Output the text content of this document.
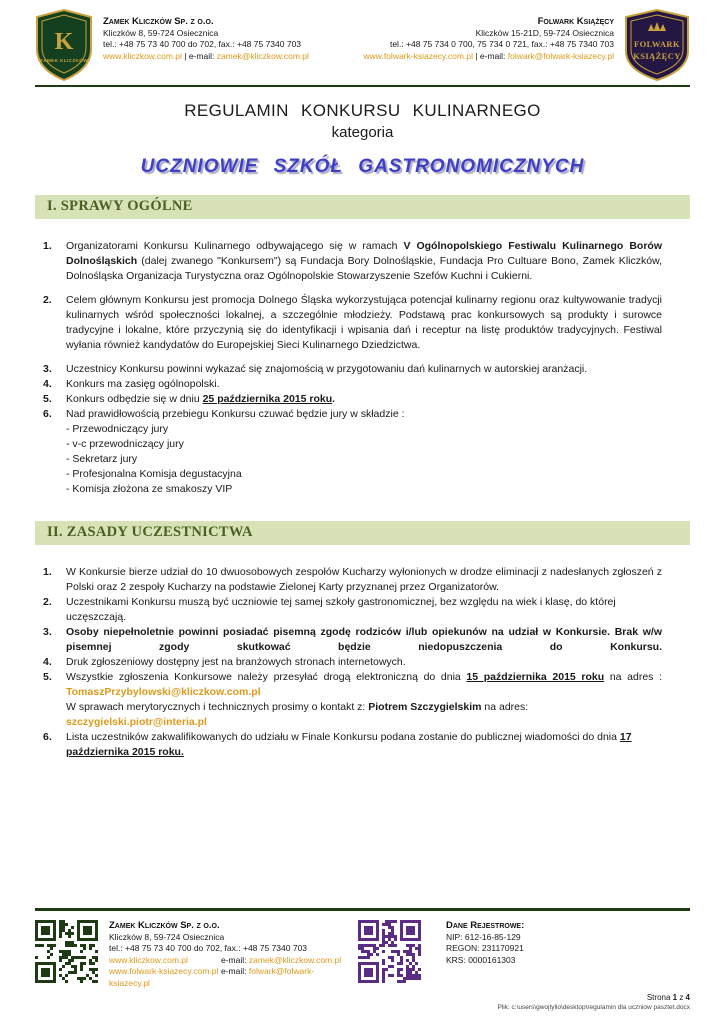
K
ZAMEK KLICZKÓW
Zamek Kliczków Sp. z o.o.
Kliczków 8, 59-724 Osiecznica
tel.: +48 75 73 40 700 do 702, fax.: +48 75 7340 703
www.kliczkow.com.pl | e-mail: zamek@kliczkow.com.pl
Folwark Książęcy
Kliczków 15-21D, 59-724 Osiecznica
tel.: +48 75 734 0 700, 75 734 0 721, fax.: +48 75 7340 703
www.folwark-ksiazecy.com.pl | e-mail: folwark@folwark-ksiazecy.pl
FOLWARK
KSIĄŻĘCY
REGULAMIN KONKURSU KULINARNEGO
kategoria
UCZNIOWIE SZKÓŁ GASTRONOMICZNYCH
I. SPRAWY OGÓLNE
1.	Organizatorami Konkursu Kulinarnego odbywającego się w ramach V Ogólnopolskiego Festiwalu Kulinarnego Borów Dolnośląskich (dalej zwanego "Konkursem") są Fundacja Bory Dolnośląskie, Fundacja Pro Cultuare Bono, Zamek Kliczków, Dolnośląska Organizacja Turystyczna oraz Ogólnopolskie Stowarzyszenie Szefów Kuchni i Cukierni.
2.	Celem głównym Konkursu jest promocja Dolnego Śląska wykorzystująca potencjał kulinarny regionu oraz kultywowanie tradycji kulinarnych wśród społeczności lokalnej, a szczególnie młodzieży. Podstawą prac konkursowych są produkty i surowce tradycyjne i lokalne, które przyczynią się do identyfikacji i wpisania dań i receptur na listę produktów tradycyjnych. Festiwal wyłania również kandydatów do Europejskiej Sieci Kulinarnego Dziedzictwa.
3.	Uczestnicy Konkursu powinni wykazać się znajomością w przygotowaniu dań kulinarnych w autorskiej aranżacji.
4.	Konkurs ma zasięg ogólnopolski.
5.	Konkurs odbędzie się w dniu 25 października 2015 roku.
6.	Nad prawidłowością przebiegu Konkursu czuwać będzie jury w składzie :
- Przewodniczący jury
- v-c przewodniczący jury
- Sekretarz jury
- Profesjonalna Komisja degustacyjna
- Komisja złożona ze smakoszy VIP
II. ZASADY UCZESTNICTWA
1.	W Konkursie bierze udział do 10 dwuosobowych zespołów Kucharzy wyłonionych w drodze eliminacji z nadesłanych zgłoszeń z Polski oraz 2 zespoły Kucharzy na podstawie Zielonej Karty przyznanej przez Organizatorów.
2.	Uczestnikami Konkursu muszą być uczniowie tej samej szkoły gastronomicznej, bez względu na wiek i klasę, do której uczęszczają.
3.	Osoby niepełnoletnie powinni posiadać pisemną zgodę rodziców i/lub opiekunów na udział w Konkursie. Brak w/w pisemnej zgody skutkować będzie niedopuszczenia do Konkursu.
4.	Druk zgłoszeniowy dostępny jest na branżowych stronach internetowych.
5.	Wszystkie zgłoszenia Konkursowe należy przesyłać drogą elektroniczną do dnia 15 października 2015 roku na adres :
TomaszPrzybylowski@kliczkow.com.pl
W sprawach merytorycznych i technicznych prosimy o kontakt z: Piotrem Szczygielskim na adres:
szczygielski.piotr@interia.pl
6.	Lista uczestników zakwalifikowanych do udziału w Finale Konkursu podana zostanie do publicznej wiadomości do dnia 17 października 2015 roku.
Zamek Kliczków Sp. z o.o.
Kliczków 8, 59-724 Osiecznica
tel.: +48 75 73 40 700 do 702, fax.: +48 75 7340 703
www.kliczkow.com.pl	e-mail: zamek@kliczkow.com.pl
www.folwark-ksiazecy.com.pl e-mail: folwark@folwark-ksiazecy.pl
Dane Rejestrowe:
NIP: 612-16-85-129
REGON: 231170921
KRS: 0000161303
Strona 1 z 4
Plik: c:\users\gwojtyllo\desktop\regulamin dla uczniow pasztet.docx
